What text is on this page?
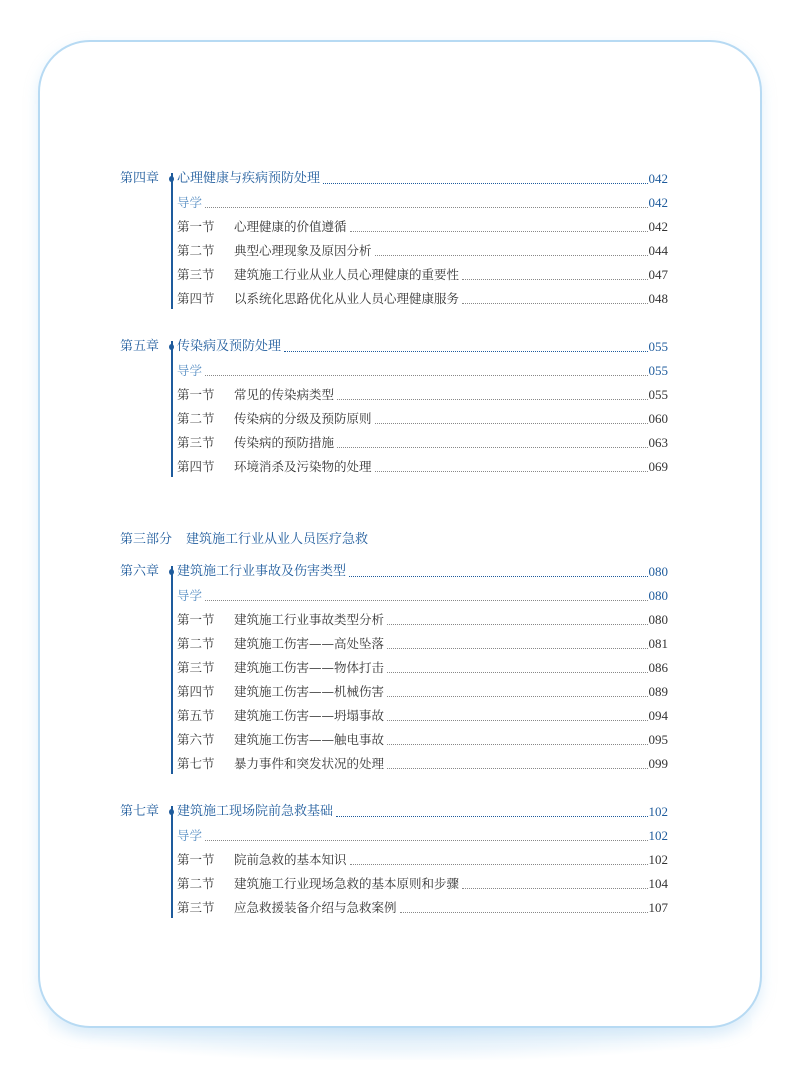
第四章 心理健康与疾病预防处理	042
导学	042
第一节	心理健康的价值遵循	042
第二节	典型心理现象及原因分析	044
第三节	建筑施工行业从业人员心理健康的重要性	047
第四节	以系统化思路优化从业人员心理健康服务	048
第五章 传染病及预防处理	055
导学	055
第一节	常见的传染病类型	055
第二节	传染病的分级及预防原则	060
第三节	传染病的预防措施	063
第四节	环境消杀及污染物的处理	069
第六章 建筑施工行业事故及伤害类型	080
导学	080
第一节	建筑施工行业事故类型分析	080
第二节	建筑施工伤害——高处坠落	081
第三节	建筑施工伤害——物体打击	086
第四节	建筑施工伤害——机械伤害	089
第五节	建筑施工伤害——坍塌事故	094
第六节	建筑施工伤害——触电事故	095
第七节	暴力事件和突发状况的处理	099
第七章 建筑施工现场院前急救基础	102
导学	102
第一节	院前急救的基本知识	102
第二节	建筑施工行业现场急救的基本原则和步骤	104
第三节	应急救援装备介绍与急救案例	107
第三部分 建筑施工行业从业人员医疗急救
